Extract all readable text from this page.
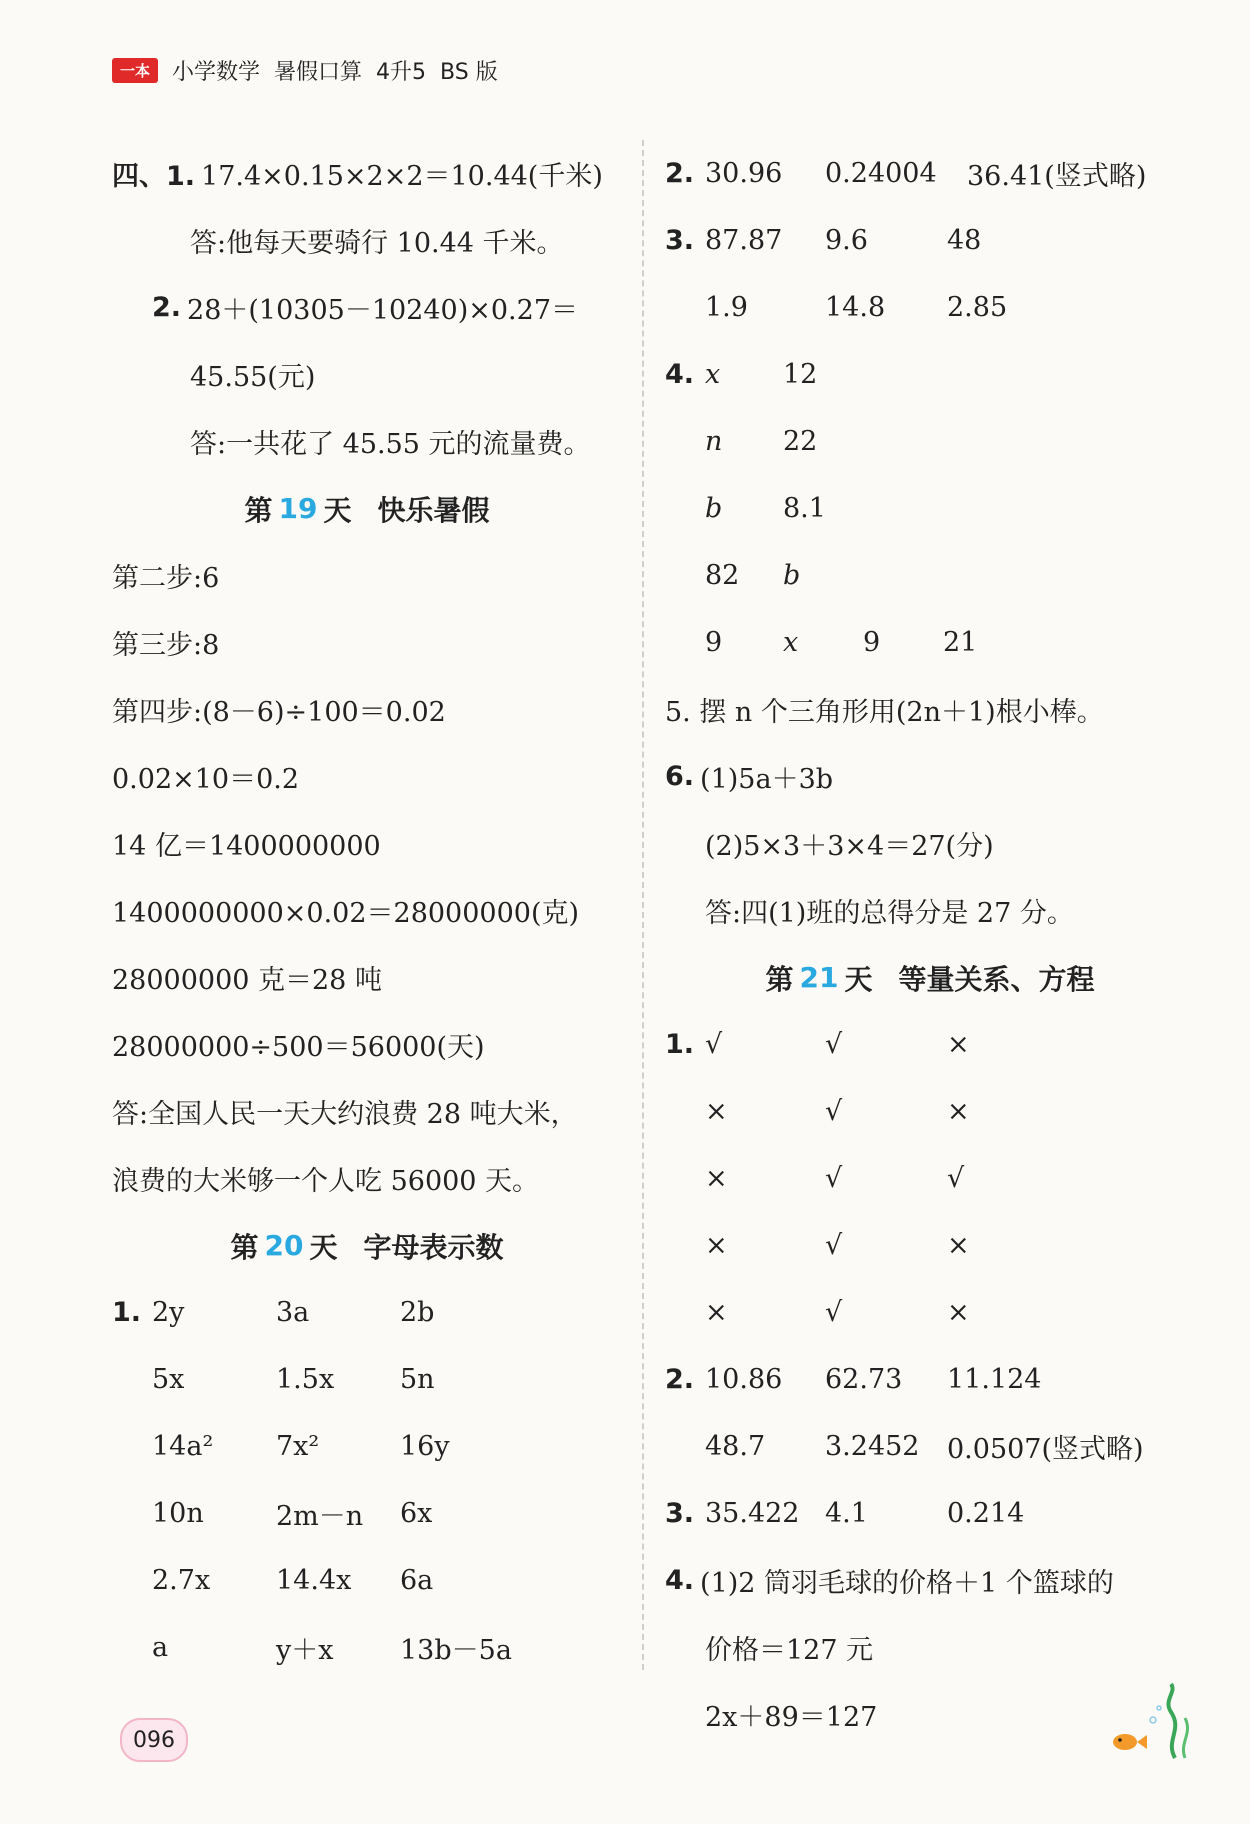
一本	小学数学 暑假口算 4升5 BS 版
四、1. 17.4×0.15×2×2＝10.44(千米)
答:他每天要骑行 10.44 千米。
2. 28＋(10305－10240)×0.27＝
45.55(元)
答:一共花了 45.55 元的流量费。
第 19 天 快乐暑假
第二步:6
第三步:8
第四步:(8－6)÷100＝0.02
0.02×10＝0.2
14 亿＝1400000000
1400000000×0.02＝28000000(克)
28000000 克＝28 吨
28000000÷500＝56000(天)
答:全国人民一天大约浪费 28 吨大米，
浪费的大米够一个人吃 56000 天。
第 20 天 字母表示数
1. 2y	3a	2b
5x	1.5x	5n
14a²	7x²	16y
10n	2m－n	6x
2.7x	14.4x	6a
a	y＋x	13b－5a
2. 30.96	0.24004	36.41(竖式略)
3. 87.87	9.6	48
1.9	14.8	2.85
4. x	12
n	22
b	8.1
82	b
9	x	9	21
5. 摆 n 个三角形用(2n＋1)根小棒。
6. (1)5a＋3b
(2)5×3＋3×4＝27(分)
答:四(1)班的总得分是 27 分。
第 21 天 等量关系、方程
1. √	√	×
×	√	×
×	√	√
×	√	×
×	√	×
2. 10.86	62.73	11.124
48.7	3.2452	0.0507(竖式略)
3. 35.422 4.1	0.214
4. (1)2 筒羽毛球的价格＋1 个篮球的
价格＝127 元
2x＋89＝127
096
